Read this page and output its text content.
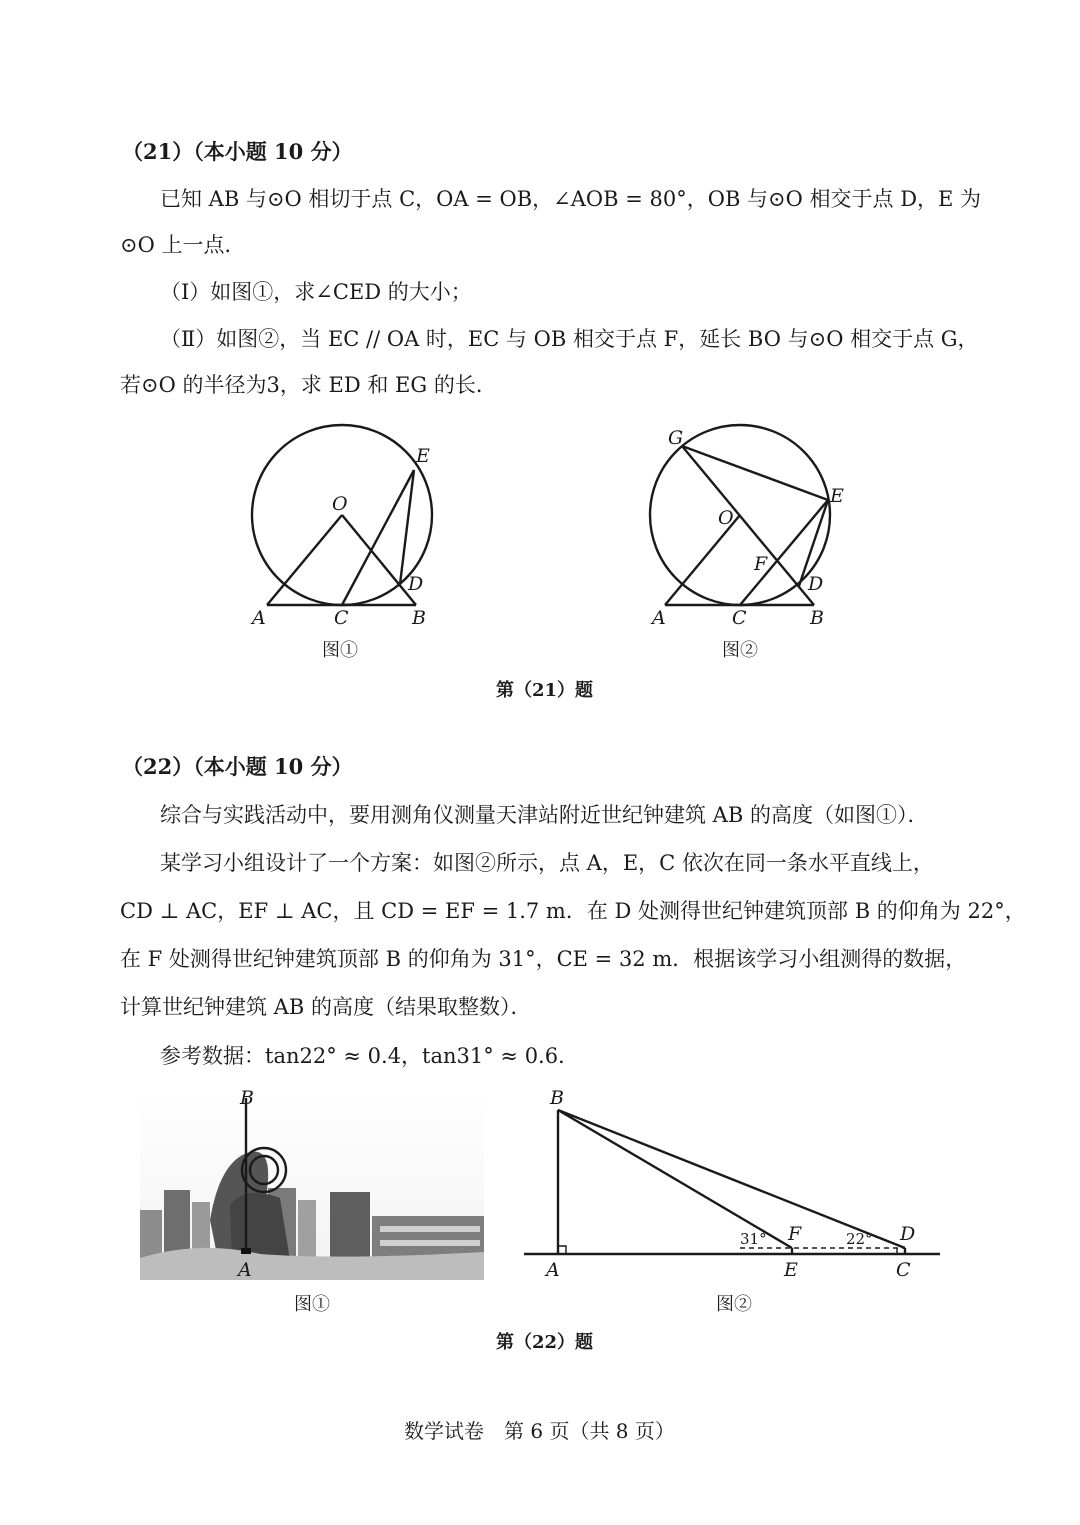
（21）（本小题 10 分）
已知 AB 与⊙O 相切于点 C，OA = OB，∠AOB = 80°，OB 与⊙O 相交于点 D，E 为
⊙O 上一点．
（Ⅰ）如图①，求∠CED 的大小；
（Ⅱ）如图②，当 EC // OA 时，EC 与 OB 相交于点 F，延长 BO 与⊙O 相交于点 G，
若⊙O 的半径为3，求 ED 和 EG 的长．
O
E
D
A	C	B
图①
G
O
E
F
D
A	C	B
图②
第（21）题
（22）（本小题 10 分）
综合与实践活动中，要用测角仪测量天津站附近世纪钟建筑 AB 的高度（如图①）．
某学习小组设计了一个方案：如图②所示，点 A，E，C 依次在同一条水平直线上，
CD ⊥ AC，EF ⊥ AC，且 CD = EF = 1.7 m．在 D 处测得世纪钟建筑顶部 B 的仰角为 22°，
在 F 处测得世纪钟建筑顶部 B 的仰角为 31°，CE = 32 m．根据该学习小组测得的数据，
计算世纪钟建筑 AB 的高度（结果取整数）．
参考数据：tan22° ≈ 0.4，tan31° ≈ 0.6．
B
A
图①
B
A
F
E
D
C
31°	22°
图②
第（22）题
数学试卷　第 6 页（共 8 页）
